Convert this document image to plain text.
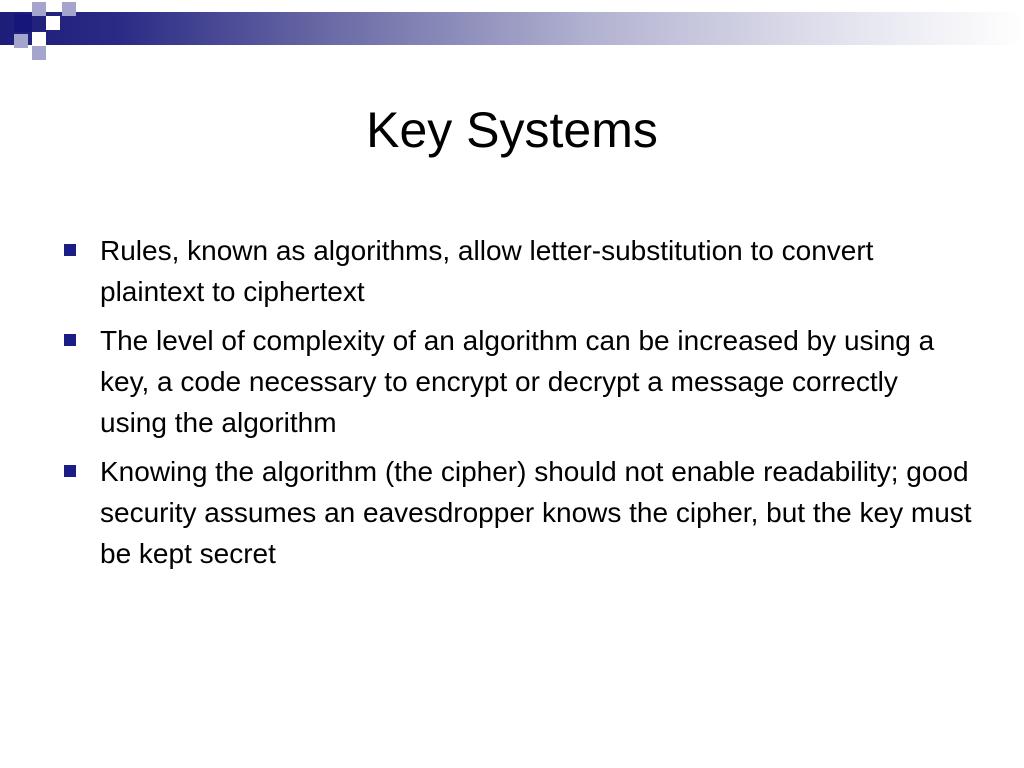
Key Systems
Rules, known as algorithms, allow letter-substitution to convert plaintext to ciphertext
The level of complexity of an algorithm can be increased by using a key, a code necessary to encrypt or decrypt a message correctly using the algorithm
Knowing the algorithm (the cipher) should not enable readability; good security assumes an eavesdropper knows the cipher, but the key must be kept secret
